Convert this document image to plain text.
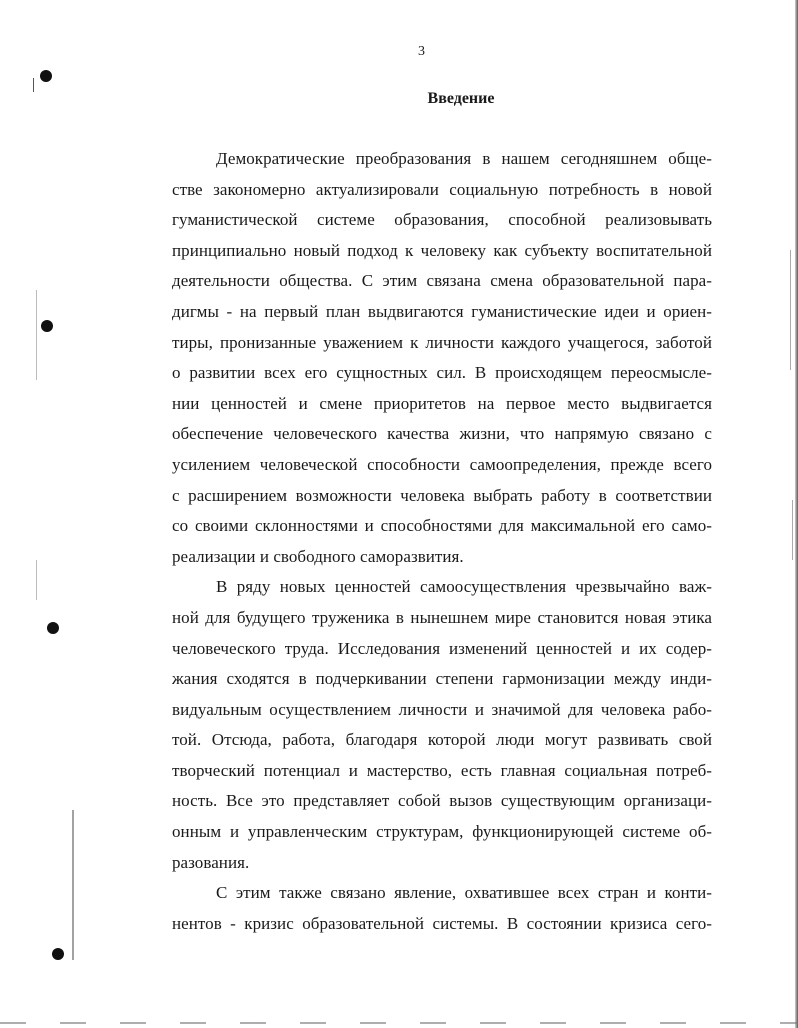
3
Введение
Демократические преобразования в нашем сегодняшнем обще-
стве закономерно актуализировали социальную потребность в новой
гуманистической системе образования, способной реализовывать
принципиально новый подход к человеку как субъекту воспитательной
деятельности общества. С этим связана смена образовательной пара-
дигмы - на первый план выдвигаются гуманистические идеи и ориен-
тиры, пронизанные уважением к личности каждого учащегося, заботой
о развитии всех его сущностных сил. В происходящем переосмысле-
нии ценностей и смене приоритетов на первое место выдвигается
обеспечение человеческого качества жизни, что напрямую связано с
усилением человеческой способности самоопределения, прежде всего
с расширением возможности человека выбрать работу в соответствии
со своими склонностями и способностями для максимальной его само-
реализации и свободного саморазвития.
В ряду новых ценностей самоосуществления чрезвычайно важ-
ной для будущего труженика в нынешнем мире становится новая этика
человеческого труда. Исследования изменений ценностей и их содер-
жания сходятся в подчеркивании степени гармонизации между инди-
видуальным осуществлением личности и значимой для человека рабо-
той. Отсюда, работа, благодаря которой люди могут развивать свой
творческий потенциал и мастерство, есть главная социальная потреб-
ность. Все это представляет собой вызов существующим организаци-
онным и управленческим структурам, функционирующей системе об-
разования.
С этим также связано явление, охватившее всех стран и конти-
нентов - кризис образовательной системы. В состоянии кризиса сего-
